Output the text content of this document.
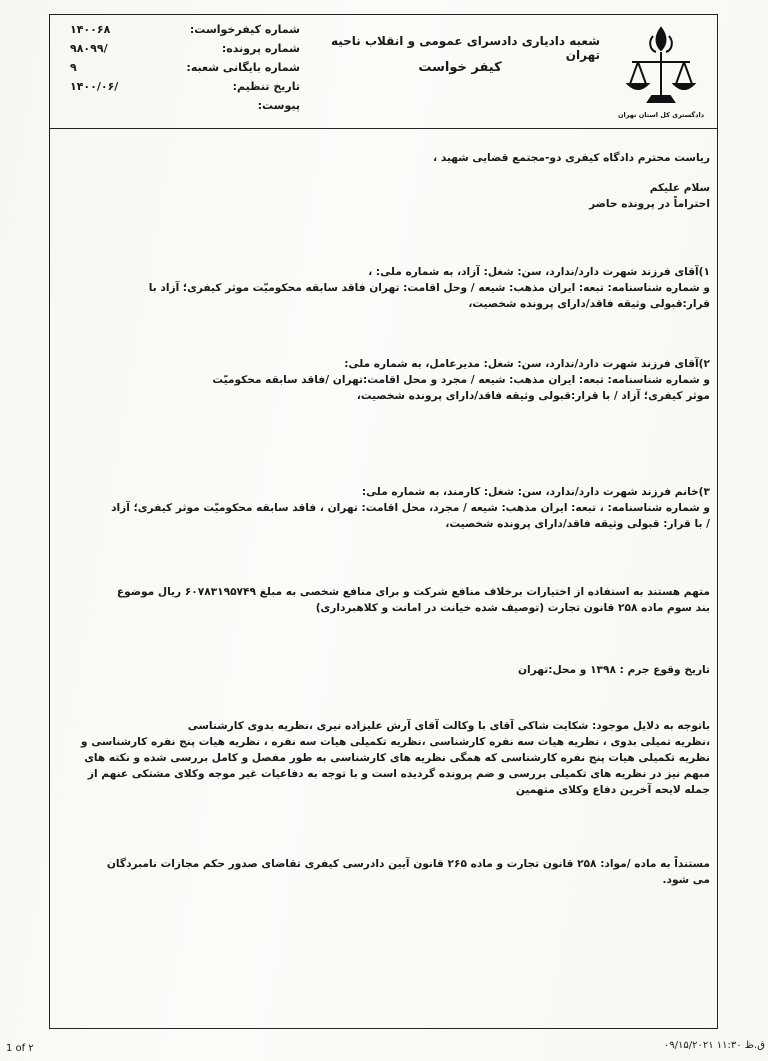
دادگستری کل استان تهران
شعبه دادیاری دادسرای عمومی و انقلاب ناحیه تهران
کیفر خواست
شماره کیفرخواست:
۱۴۰۰۶۸
شماره پرونده:
۹۸۰۹۹/
شماره بایگانی شعبه:
۹
تاریخ تنظیم:
۱۴۰۰/۰۶/
پیوست:

ریاست محترم دادگاه کیفری دو-مجتمع قضایی شهید ،

سلام علیکم

احتراماً در پرونده حاضر

۱)آقای فرزند شهرت دارد/ندارد، سن: شغل: آزاد، به شماره ملی: ،

و شماره شناسنامه: تبعه: ایران مذهب: شیعه / وحل اقامت: تهران فاقد سابقه محکومیّت موثر کیفری؛ آزاد با

قرار:قبولی وثیقه فاقد/دارای پرونده شخصیت،

۲)آقای فرزند شهرت دارد/ندارد، سن: شغل: مدیرعامل، به شماره ملی:

و شماره شناسنامه: تبعه: ایران مذهب: شیعه / مجرد و محل اقامت:تهران /فاقد سابقه محکومیّت

موثر کیفری؛ آزاد / با قرار:قبولی وثیقه فاقد/دارای پرونده شخصیت،

۳)خانم فرزند شهرت دارد/ندارد، سن: شغل: کارمند، به شماره ملی:

و شماره شناسنامه: ، تبعه: ایران مذهب: شیعه / مجرد، محل اقامت: تهران ، فاقد سابقه محکومیّت موثر کیفری؛ آزاد

/ با قرار: قبولی وثیقه فاقد/دارای پرونده شخصیت،

متهم هستند به استفاده از اختیارات برخلاف منافع شرکت و برای منافع شخصی به مبلغ ۶۰۷۸۳۱۹۵۷۴۹ ریال موضوع

بند سوم ماده ۲۵۸ قانون تجارت (توصیف شده خیانت در امانت و کلاهبرداری)

تاریخ وقوع جرم : ۱۳۹۸ و محل:تهران

باتوجه به دلایل موجود: شکایت شاکی آقای با وکالت آقای آرش علیزاده نیری ،نظریه بدوی کارشناسی

،نظریه تمیلی بدوی ، نظریه هیات سه نفره کارشناسی ،نظریه تکمیلی هیات سه نفره ، نظریه هیات پنج نفره کارشناسی و

نظریه تکمیلی هیات پنج نفره کارشناسی که همگی نظریه های کارشناسی به طور مفصل و کامل بررسی شده و نکته های

مبهم نیز در نظریه های تکمیلی بررسی و ضم پرونده گردیده است و با توجه به دفاعیات غیر موجه وکلای مشتکی عنهم از

جمله لایحه آخرین دفاع وکلای متهمین

مستنداً به ماده /مواد: ۲۵۸ قانون تجارت و ماده ۲۶۵ قانون آیین دادرسی کیفری تقاضای صدور حکم مجازات نامبردگان

می شود.

1 of ۲	ق.ظ ۱۱:۳۰ ۰۹/۱۵/۲۰۲۱
